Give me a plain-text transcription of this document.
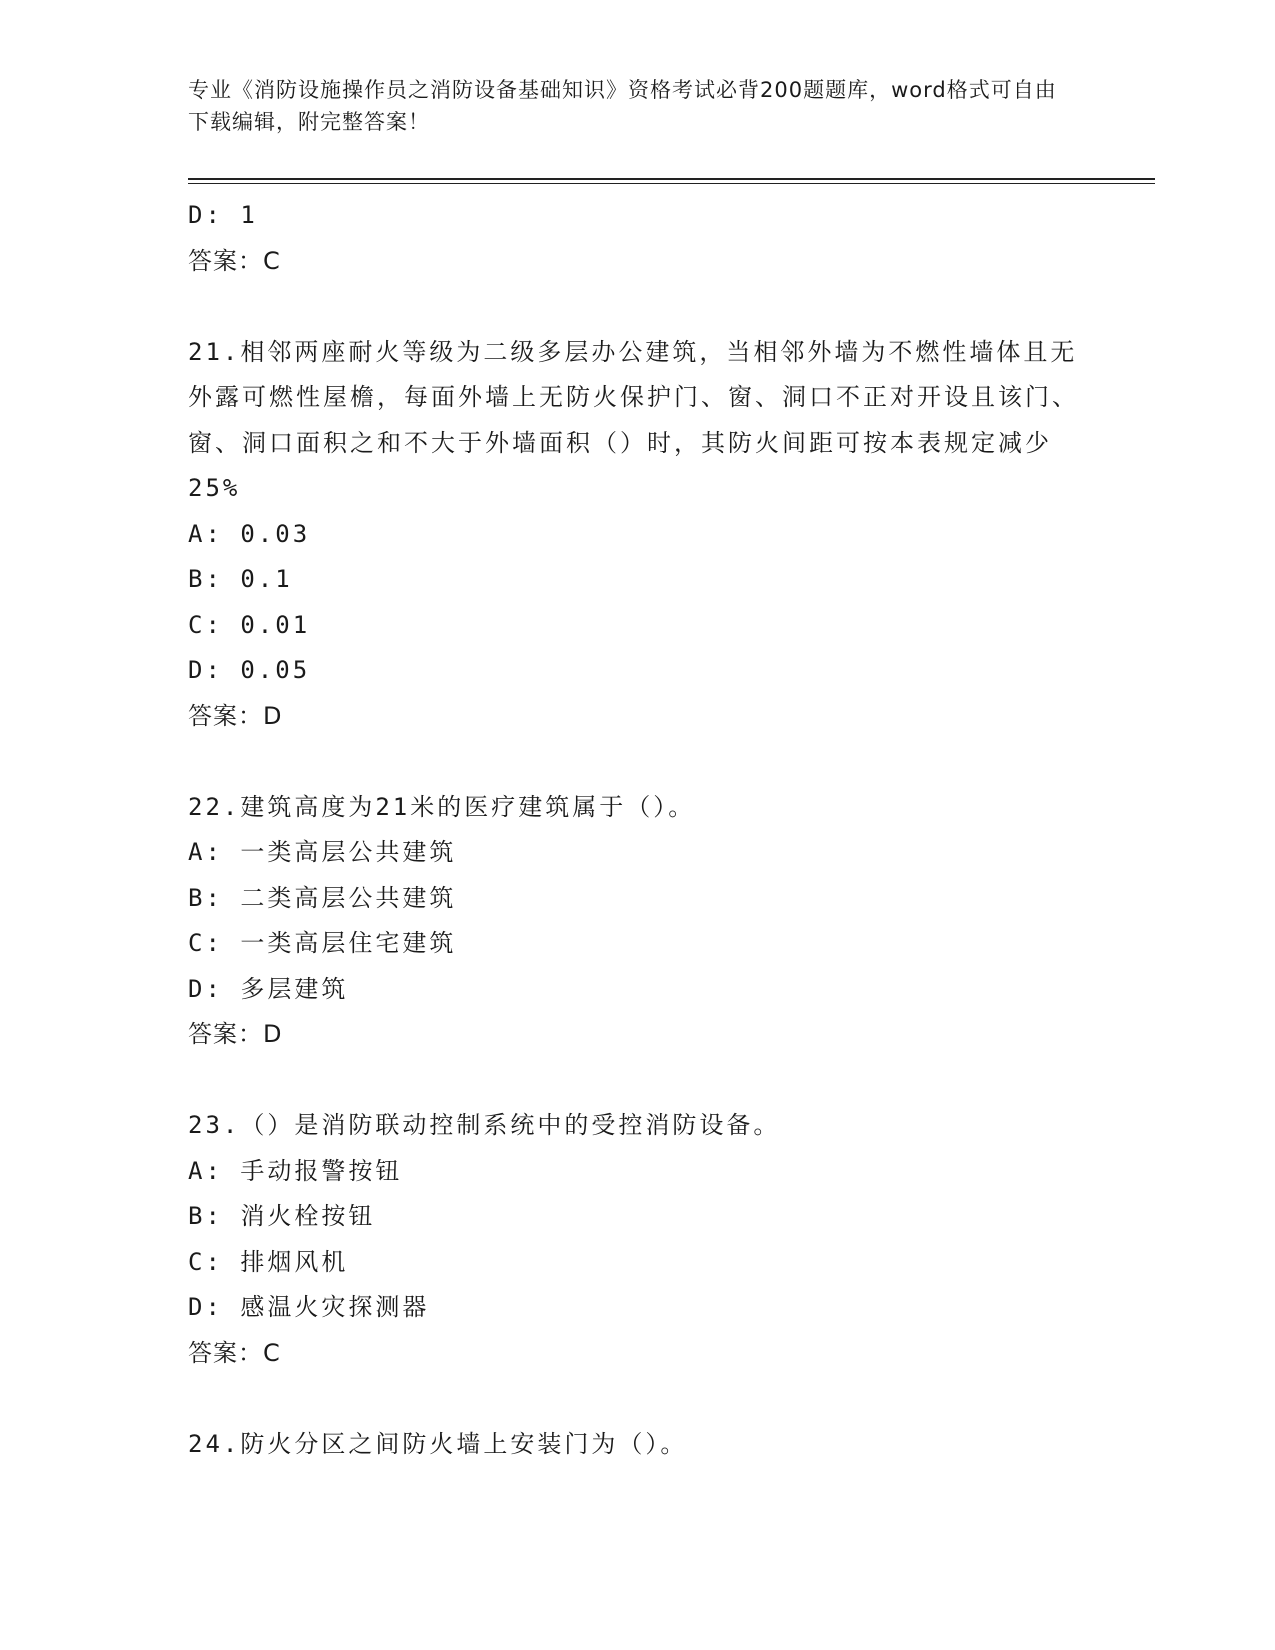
专业《消防设施操作员之消防设备基础知识》资格考试必背200题题库，word格式可自由下载编辑，附完整答案！
D: 1
答案：C
21.相邻两座耐火等级为二级多层办公建筑，当相邻外墙为不燃性墙体且无外露可燃性屋檐，每面外墙上无防火保护门、窗、洞口不正对开设且该门、窗、洞口面积之和不大于外墙面积（）时，其防火间距可按本表规定减少25%
A: 0.03
B: 0.1
C: 0.01
D: 0.05
答案：D
22.建筑高度为21米的医疗建筑属于（）。
A: 一类高层公共建筑
B: 二类高层公共建筑
C: 一类高层住宅建筑
D: 多层建筑
答案：D
23.（）是消防联动控制系统中的受控消防设备。
A: 手动报警按钮
B: 消火栓按钮
C: 排烟风机
D: 感温火灾探测器
答案：C
24.防火分区之间防火墙上安装门为（）。
